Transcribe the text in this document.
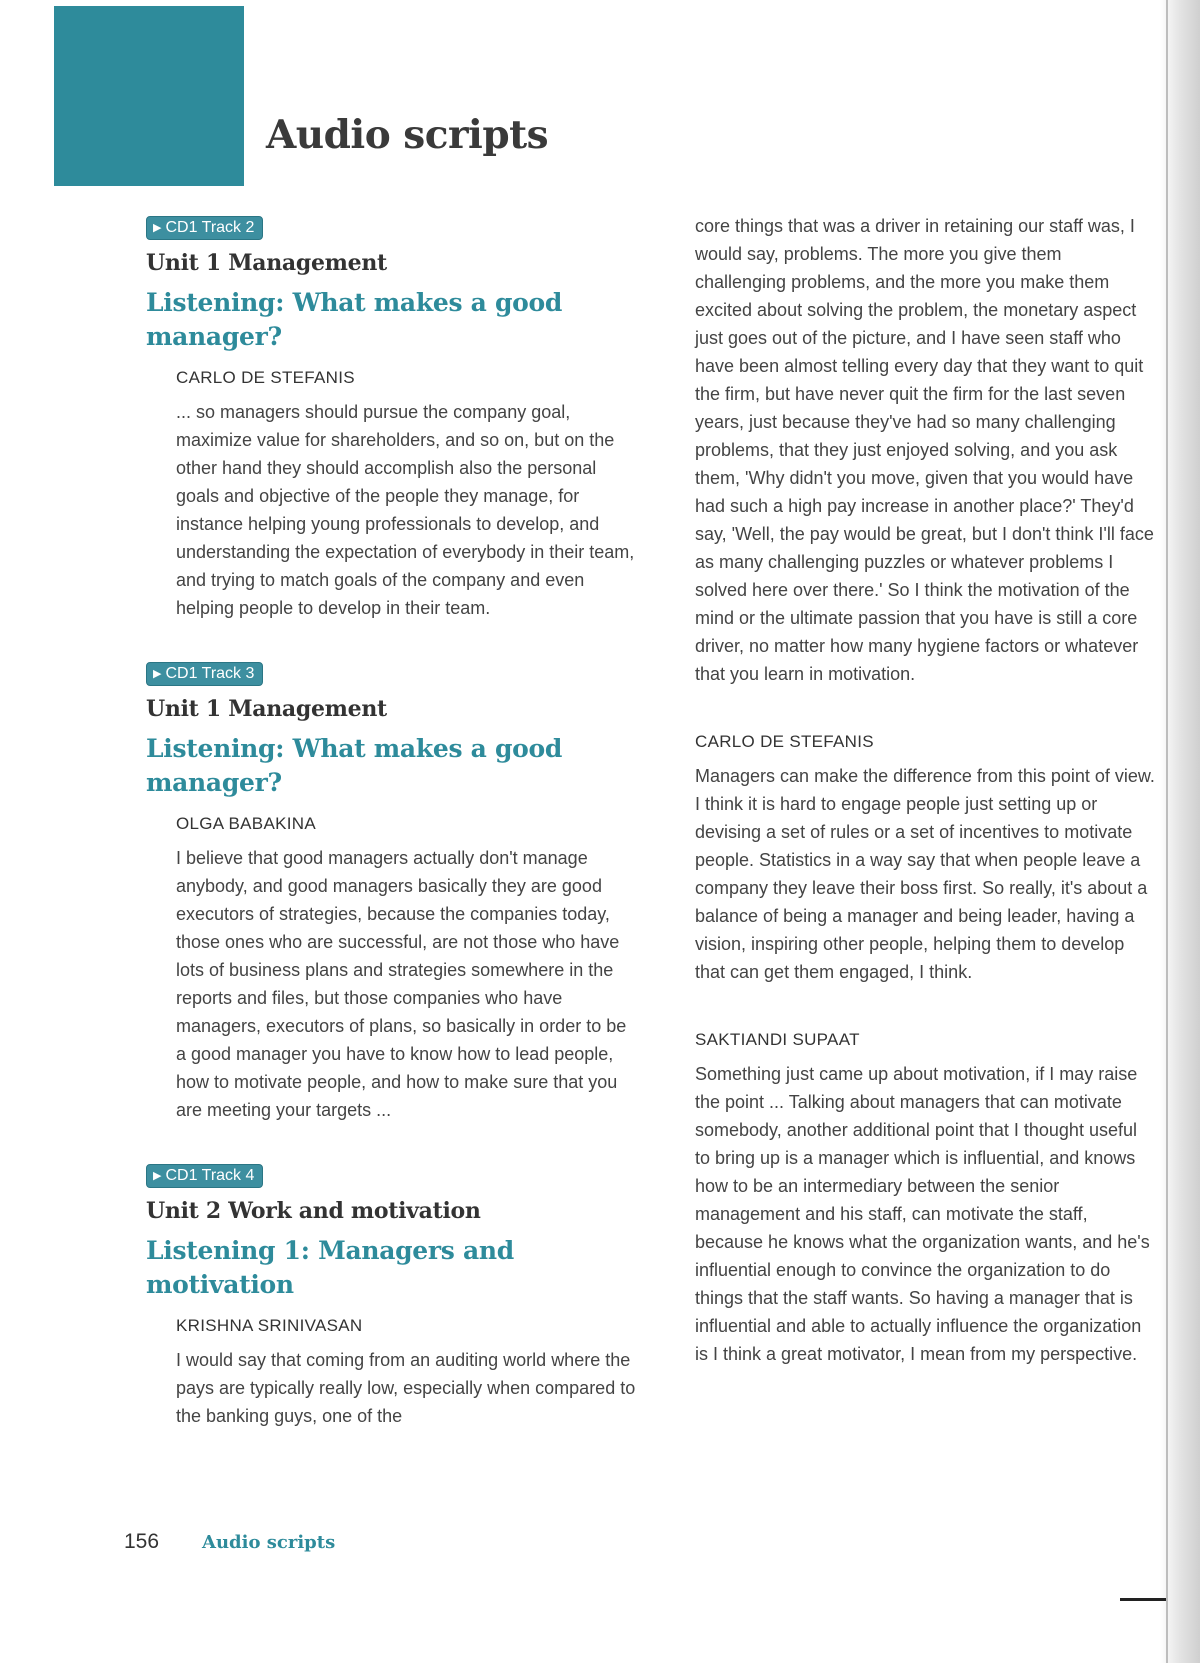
Audio scripts
▶ CD1 Track 2
Unit 1 Management
Listening: What makes a good manager?
CARLO DE STEFANIS

... so managers should pursue the company goal, maximize value for shareholders, and so on, but on the other hand they should accomplish also the personal goals and objective of the people they manage, for instance helping young professionals to develop, and understanding the expectation of everybody in their team, and trying to match goals of the company and even helping people to develop in their team.

▶ CD1 Track 3
Unit 1 Management
Listening: What makes a good manager?
OLGA BABAKINA

I believe that good managers actually don't manage anybody, and good managers basically they are good executors of strategies, because the companies today, those ones who are successful, are not those who have lots of business plans and strategies somewhere in the reports and files, but those companies who have managers, executors of plans, so basically in order to be a good manager you have to know how to lead people, how to motivate people, and how to make sure that you are meeting your targets ...

▶ CD1 Track 4
Unit 2 Work and motivation
Listening 1: Managers and motivation
KRISHNA SRINIVASAN

I would say that coming from an auditing world where the pays are typically really low, especially when compared to the banking guys, one of the

core things that was a driver in retaining our staff was, I would say, problems. The more you give them challenging problems, and the more you make them excited about solving the problem, the monetary aspect just goes out of the picture, and I have seen staff who have been almost telling every day that they want to quit the firm, but have never quit the firm for the last seven years, just because they've had so many challenging problems, that they just enjoyed solving, and you ask them, 'Why didn't you move, given that you would have had such a high pay increase in another place?' They'd say, 'Well, the pay would be great, but I don't think I'll face as many challenging puzzles or whatever problems I solved here over there.' So I think the motivation of the mind or the ultimate passion that you have is still a core driver, no matter how many hygiene factors or whatever that you learn in motivation.

CARLO DE STEFANIS

Managers can make the difference from this point of view. I think it is hard to engage people just setting up or devising a set of rules or a set of incentives to motivate people. Statistics in a way say that when people leave a company they leave their boss first. So really, it's about a balance of being a manager and being leader, having a vision, inspiring other people, helping them to develop that can get them engaged, I think.

SAKTIANDI SUPAAT

Something just came up about motivation, if I may raise the point ... Talking about managers that can motivate somebody, another additional point that I thought useful to bring up is a manager which is influential, and knows how to be an intermediary between the senior management and his staff, can motivate the staff, because he knows what the organization wants, and he's influential enough to convince the organization to do things that the staff wants. So having a manager that is influential and able to actually influence the organization is I think a great motivator, I mean from my perspective.

156 Audio scripts
